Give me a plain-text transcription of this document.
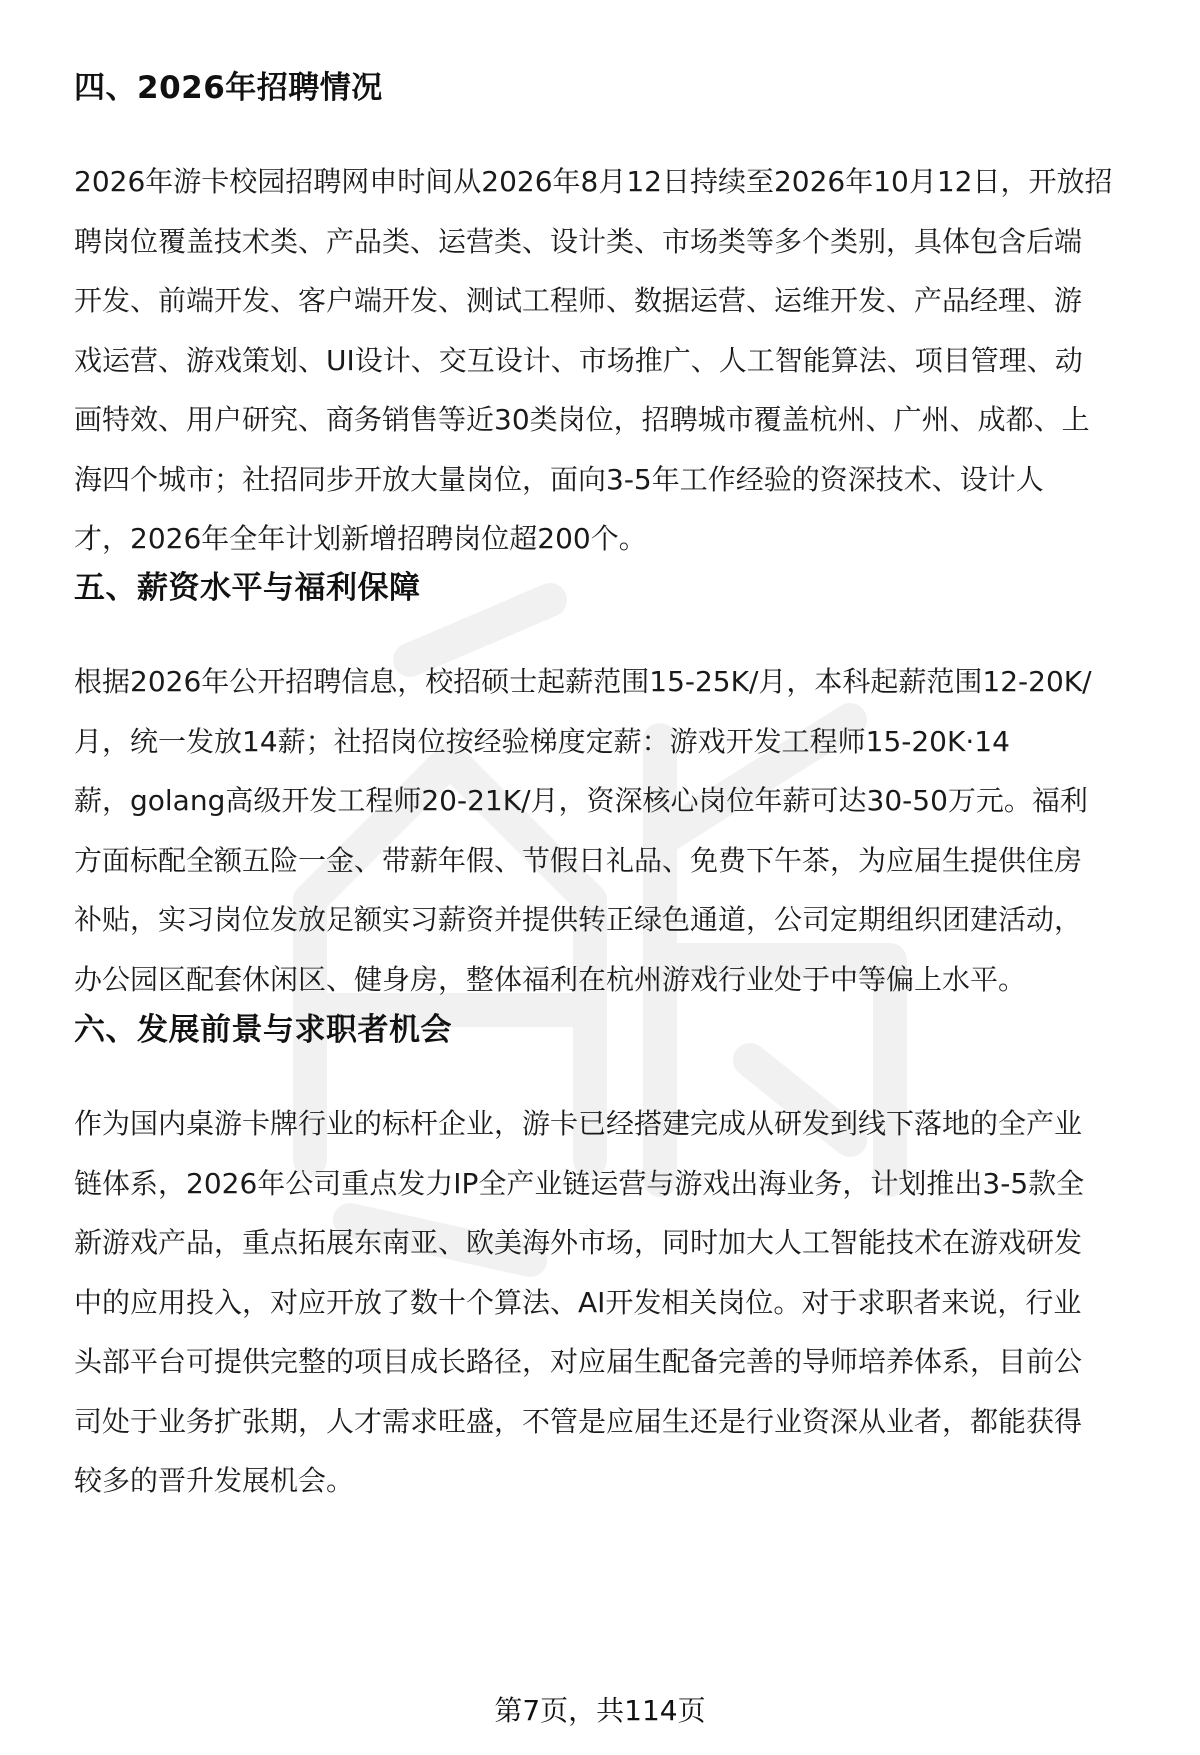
四、2026年招聘情况

2026年游卡校园招聘网申时间从2026年8月12日持续至2026年10月12日，开放招
聘岗位覆盖技术类、产品类、运营类、设计类、市场类等多个类别，具体包含后端
开发、前端开发、客户端开发、测试工程师、数据运营、运维开发、产品经理、游
戏运营、游戏策划、UI设计、交互设计、市场推广、人工智能算法、项目管理、动
画特效、用户研究、商务销售等近30类岗位，招聘城市覆盖杭州、广州、成都、上
海四个城市；社招同步开放大量岗位，面向3-5年工作经验的资深技术、设计人
才，2026年全年计划新增招聘岗位超200个。

五、薪资水平与福利保障

根据2026年公开招聘信息，校招硕士起薪范围15-25K/月，本科起薪范围12-20K/
月，统一发放14薪；社招岗位按经验梯度定薪：游戏开发工程师15-20K·14
薪，golang高级开发工程师20-21K/月，资深核心岗位年薪可达30-50万元。福利
方面标配全额五险一金、带薪年假、节假日礼品、免费下午茶，为应届生提供住房
补贴，实习岗位发放足额实习薪资并提供转正绿色通道，公司定期组织团建活动，
办公园区配套休闲区、健身房，整体福利在杭州游戏行业处于中等偏上水平。

六、发展前景与求职者机会

作为国内桌游卡牌行业的标杆企业，游卡已经搭建完成从研发到线下落地的全产业
链体系，2026年公司重点发力IP全产业链运营与游戏出海业务，计划推出3-5款全
新游戏产品，重点拓展东南亚、欧美海外市场，同时加大人工智能技术在游戏研发
中的应用投入，对应开放了数十个算法、AI开发相关岗位。对于求职者来说，行业
头部平台可提供完整的项目成长路径，对应届生配备完善的导师培养体系，目前公
司处于业务扩张期，人才需求旺盛，不管是应届生还是行业资深从业者，都能获得
较多的晋升发展机会。

第7页，共114页
